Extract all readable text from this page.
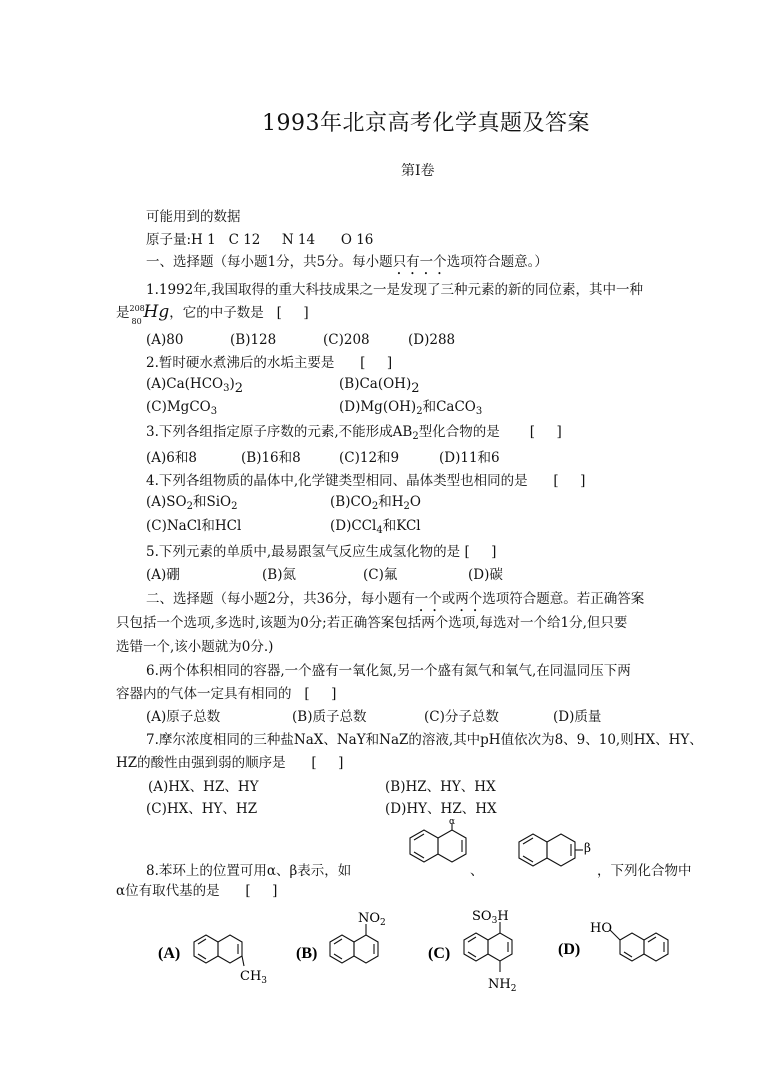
1993年北京高考化学真题及答案
第Ⅰ卷
可能用到的数据
原子量:H 1   C 12     N 14      O 16
一、选择题（每小题1分，共5分。每小题只有一个选项符合题意。）
1.1992年,我国取得的重大科技成果之一是发现了三种元素的新的同位素，其中一种
是 208
80 Hg，它的中子数是   [     ]
(A)80	(B)128	(C)208	(D)288
2.暂时硬水煮沸后的水垢主要是      [     ]
$(A)Ca(HCO_3)2$	(B)Ca(OH)2
(C)MgCO$_3$	$(D)Mg(OH)_2$和CaCO$_3$
3.下列各组指定原子序数的元素,不能形成$AB_2$型化合物的是       [     ]
(A)6和8	(B)16和8	(C)12和9	(D)11和6
4.下列各组物质的晶体中,化学键类型相同、晶体类型也相同的是      [     ]
$(A)SO_2$和SiO$_2$	$(B)CO_2$和$H_2O$
(C)NaCl和HCl	(D)CCl$_4$和KCl
5.下列元素的单质中,最易跟氢气反应生成氢化物的是 [     ]
(A)硼	(B)氮	(C)氟	(D)碳
二、选择题（每小题2分，共36分，每小题有一个或两个选项符合题意。若正确答案
只包括一个选项,多选时,该题为0分;若正确答案包括两个选项,每选对一个给1分,但只要
选错一个,该小题就为0分.)
6.两个体积相同的容器,一个盛有一氧化氮,另一个盛有氮气和氧气,在同温同压下两
容器内的气体一定具有相同的   [     ]
(A)原子总数	(B)质子总数	(C)分子总数	(D)质量
7.摩尔浓度相同的三种盐NaX、NaY和NaZ的溶液,其中pH值依次为8、9、10,则HX、HY、
HZ的酸性由强到弱的顺序是      [     ]
(A)HX、HZ、HY	(B)HZ、HY、HX
(C)HX、HY、HZ	(D)HY、HZ、HX
8.苯环上的位置可用α、β表示，如	、	，下列化合物中
α位有取代基的是      [     ]
α
β
(A)
$CH_3$
(B)
$NO_2$
(C)
$SO_3H$
$NH_2$
(D)
HO
